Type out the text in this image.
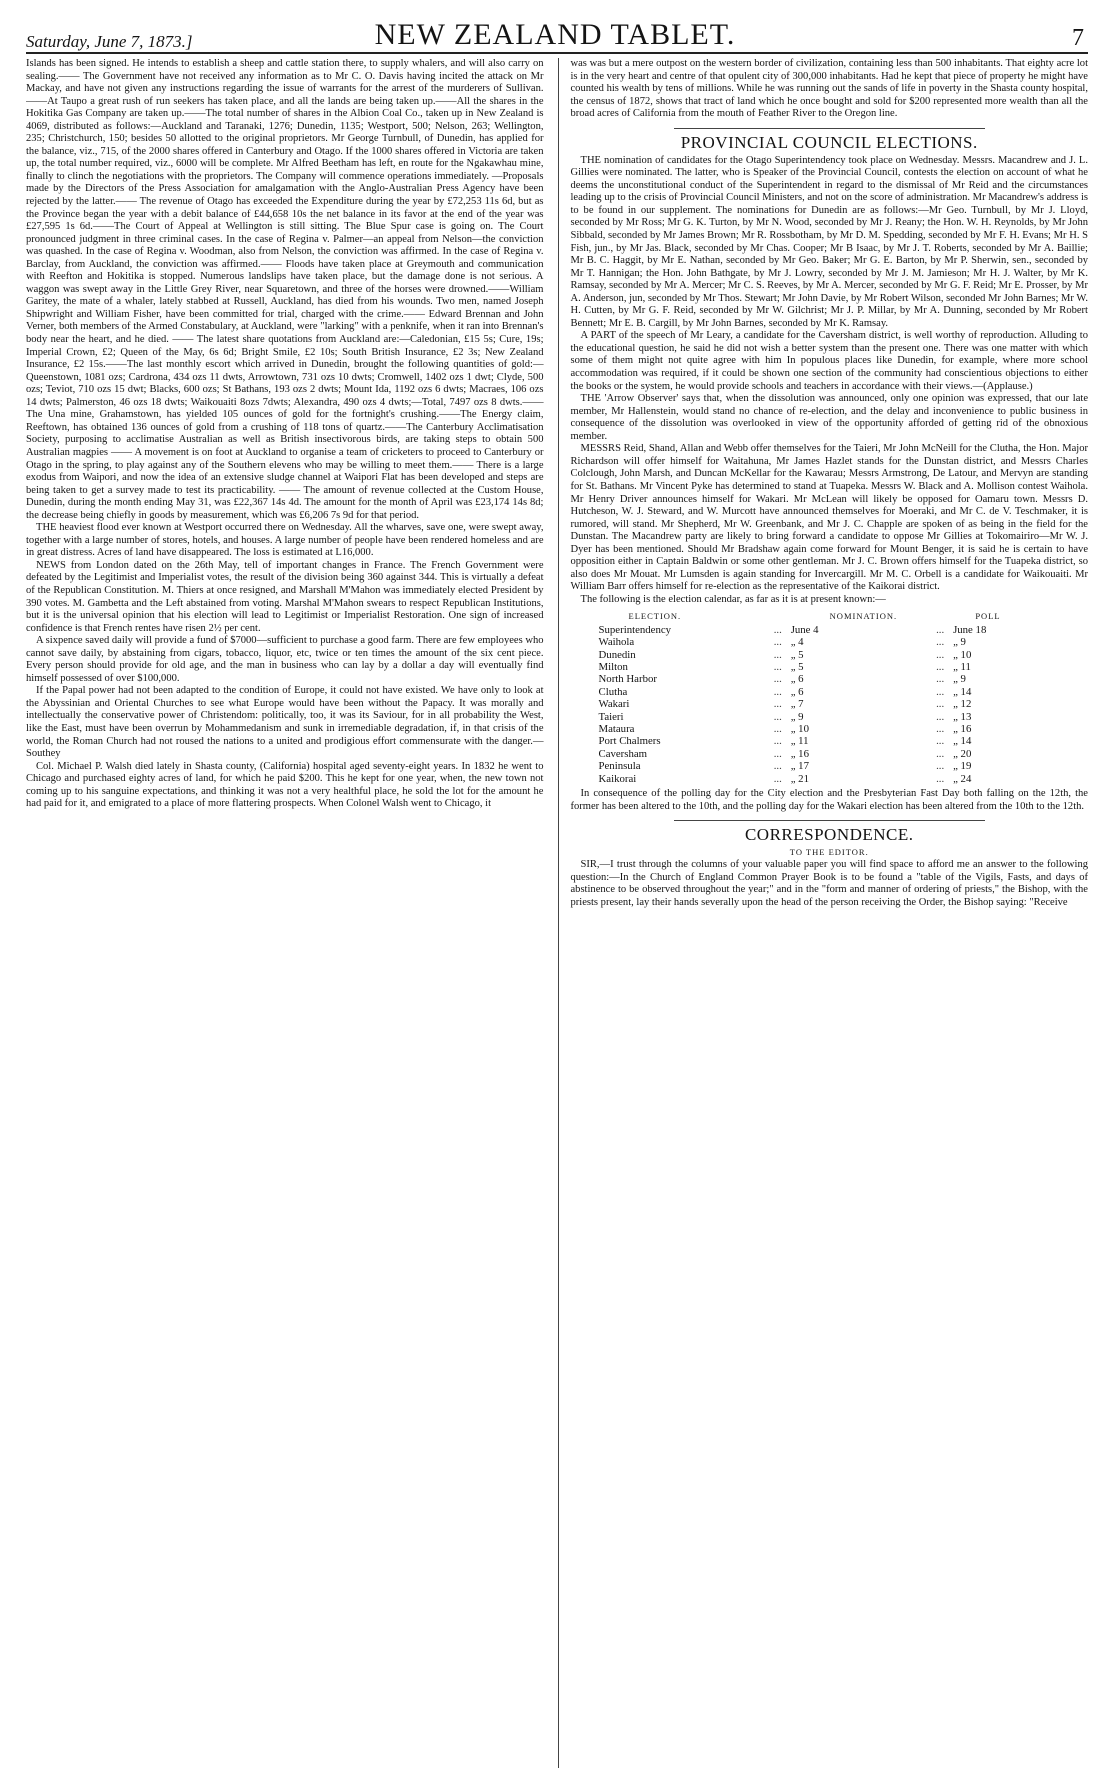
Saturday, June 7, 1873.]	NEW ZEALAND TABLET.	7

Islands has been signed. He intends to establish a sheep and cattle station there, to supply whalers, and will also carry on sealing.—— The Government have not received any information as to Mr C. O. Davis having incited the attack on Mr Mackay, and have not given any instructions regarding the issue of warrants for the arrest of the murderers of Sullivan.——At Taupo a great rush of run seekers has taken place, and all the lands are being taken up.——All the shares in the Hokitika Gas Company are taken up.——The total number of shares in the Albion Coal Co., taken up in New Zealand is 4069, distributed as follows:—Auckland and Taranaki, 1276; Dunedin, 1135; Westport, 500; Nelson, 263; Wellington, 235; Christchurch, 150; besides 50 allotted to the original proprietors. Mr George Turnbull, of Dunedin, has applied for the balance, viz., 715, of the 2000 shares offered in Canterbury and Otago. If the 1000 shares offered in Victoria are taken up, the total number required, viz., 6000 will be complete. Mr Alfred Beetham has left, en route for the Ngakawhau mine, finally to clinch the negotiations with the proprietors. The Company will commence operations immediately. —Proposals made by the Directors of the Press Association for amalgamation with the Anglo-Australian Press Agency have been rejected by the latter.—— The revenue of Otago has exceeded the Expenditure during the year by £72,253 11s 6d, but as the Province began the year with a debit balance of £44,658 10s the net balance in its favor at the end of the year was £27,595 1s 6d.——The Court of Appeal at Wellington is still sitting. The Blue Spur case is going on. The Court pronounced judgment in three criminal cases. In the case of Regina v. Palmer—an appeal from Nelson—the conviction was quashed. In the case of Regina v. Woodman, also from Nelson, the conviction was affirmed. In the case of Regina v. Barclay, from Auckland, the conviction was affirmed.—— Floods have taken place at Greymouth and communication with Reefton and Hokitika is stopped. Numerous landslips have taken place, but the damage done is not serious. A waggon was swept away in the Little Grey River, near Squaretown, and three of the horses were drowned.——William Garitey, the mate of a whaler, lately stabbed at Russell, Auckland, has died from his wounds. Two men, named Joseph Shipwright and William Fisher, have been committed for trial, charged with the crime.—— Edward Brennan and John Verner, both members of the Armed Constabulary, at Auckland, were "larking" with a penknife, when it ran into Brennan's body near the heart, and he died. —— The latest share quotations from Auckland are:—Caledonian, £15 5s; Cure, 19s; Imperial Crown, £2; Queen of the May, 6s 6d; Bright Smile, £2 10s; South British Insurance, £2 3s; New Zealand Insurance, £2 15s.——The last monthly escort which arrived in Dunedin, brought the following quantities of gold:—Queenstown, 1081 ozs; Cardrona, 434 ozs 11 dwts, Arrowtown, 731 ozs 10 dwts; Cromwell, 1402 ozs 1 dwt; Clyde, 500 ozs; Teviot, 710 ozs 15 dwt; Blacks, 600 ozs; St Bathans, 193 ozs 2 dwts; Mount Ida, 1192 ozs 6 dwts; Macraes, 106 ozs 14 dwts; Palmerston, 46 ozs 18 dwts; Waikouaiti 8ozs 7dwts; Alexandra, 490 ozs 4 dwts;—Total, 7497 ozs 8 dwts.——The Una mine, Grahamstown, has yielded 105 ounces of gold for the fortnight's crushing.——The Energy claim, Reeftown, has obtained 136 ounces of gold from a crushing of 118 tons of quartz.——The Canterbury Acclimatisation Society, purposing to acclimatise Australian as well as British insectivorous birds, are taking steps to obtain 500 Australian magpies —— A movement is on foot at Auckland to organise a team of cricketers to proceed to Canterbury or Otago in the spring, to play against any of the Southern elevens who may be willing to meet them.—— There is a large exodus from Waipori, and now the idea of an extensive sludge channel at Waipori Flat has been developed and steps are being taken to get a survey made to test its practicability. —— The amount of revenue collected at the Custom House, Dunedin, during the month ending May 31, was £22,367 14s 4d. The amount for the month of April was £23,174 14s 8d; the decrease being chiefly in goods by measurement, which was £6,206 7s 9d for that period.

THE heaviest flood ever known at Westport occurred there on Wednesday. All the wharves, save one, were swept away, together with a large number of stores, hotels, and houses. A large number of people have been rendered homeless and are in great distress. Acres of land have disappeared. The loss is estimated at L16,000.

NEWS from London dated on the 26th May, tell of important changes in France. The French Government were defeated by the Legitimist and Imperialist votes, the result of the division being 360 against 344. This is virtually a defeat of the Republican Constitution. M. Thiers at once resigned, and Marshall M'Mahon was immediately elected President by 390 votes. M. Gambetta and the Left abstained from voting. Marshal M'Mahon swears to respect Republican Institutions, but it is the universal opinion that his election will lead to Legitimist or Imperialist Restoration. One sign of increased confidence is that French rentes have risen 2½ per cent.

A sixpence saved daily will provide a fund of $7000—sufficient to purchase a good farm. There are few employees who cannot save daily, by abstaining from cigars, tobacco, liquor, etc, twice or ten times the amount of the six cent piece. Every person should provide for old age, and the man in business who can lay by a dollar a day will eventually find himself possessed of over $100,000.

If the Papal power had not been adapted to the condition of Europe, it could not have existed. We have only to look at the Abyssinian and Oriental Churches to see what Europe would have been without the Papacy. It was morally and intellectually the conservative power of Christendom: politically, too, it was its Saviour, for in all probability the West, like the East, must have been overrun by Mohammedanism and sunk in irremediable degradation, if, in that crisis of the world, the Roman Church had not roused the nations to a united and prodigious effort commensurate with the danger.—Southey

Col. Michael P. Walsh died lately in Shasta county, (California) hospital aged seventy-eight years. In 1832 he went to Chicago and purchased eighty acres of land, for which he paid $200. This he kept for one year, when, the new town not coming up to his sanguine expectations, and thinking it was not a very healthful place, he sold the lot for the amount he had paid for it, and emigrated to a place of more flattering prospects. When Colonel Walsh went to Chicago, it

was was but a mere outpost on the western border of civilization, containing less than 500 inhabitants. That eighty acre lot is in the very heart and centre of that opulent city of 300,000 inhabitants. Had he kept that piece of property he might have counted his wealth by tens of millions. While he was running out the sands of life in poverty in the Shasta county hospital, the census of 1872, shows that tract of land which he once bought and sold for $200 represented more wealth than all the broad acres of California from the mouth of Feather River to the Oregon line.

PROVINCIAL COUNCIL ELECTIONS.

THE nomination of candidates for the Otago Superintendency took place on Wednesday. Messrs. Macandrew and J. L. Gillies were nominated. The latter, who is Speaker of the Provincial Council, contests the election on account of what he deems the unconstitutional conduct of the Superintendent in regard to the dismissal of Mr Reid and the circumstances leading up to the crisis of Provincial Council Ministers, and not on the score of administration. Mr Macandrew's address is to be found in our supplement. The nominations for Dunedin are as follows:—Mr Geo. Turnbull, by Mr J. Lloyd, seconded by Mr Ross; Mr G. K. Turton, by Mr N. Wood, seconded by Mr J. Reany; the Hon. W. H. Reynolds, by Mr John Sibbald, seconded by Mr James Brown; Mr R. Rossbotham, by Mr D. M. Spedding, seconded by Mr F. H. Evans; Mr H. S Fish, jun., by Mr Jas. Black, seconded by Mr Chas. Cooper; Mr B Isaac, by Mr J. T. Roberts, seconded by Mr A. Baillie; Mr B. C. Haggit, by Mr E. Nathan, seconded by Mr Geo. Baker; Mr G. E. Barton, by Mr P. Sherwin, sen., seconded by Mr T. Hannigan; the Hon. John Bathgate, by Mr J. Lowry, seconded by Mr J. M. Jamieson; Mr H. J. Walter, by Mr K. Ramsay, seconded by Mr A. Mercer; Mr C. S. Reeves, by Mr A. Mercer, seconded by Mr G. F. Reid; Mr E. Prosser, by Mr A. Anderson, jun, seconded by Mr Thos. Stewart; Mr John Davie, by Mr Robert Wilson, seconded Mr John Barnes; Mr W. H. Cutten, by Mr G. F. Reid, seconded by Mr W. Gilchrist; Mr J. P. Millar, by Mr A. Dunning, seconded by Mr Robert Bennett; Mr E. B. Cargill, by Mr John Barnes, seconded by Mr K. Ramsay.

A PART of the speech of Mr Leary, a candidate for the Caversham district, is well worthy of reproduction. Alluding to the educational question, he said he did not wish a better system than the present one. There was one matter with which some of them might not quite agree with him In populous places like Dunedin, for example, where more school accommodation was required, if it could be shown one section of the community had conscientious objections to either the books or the system, he would provide schools and teachers in accordance with their views.—(Applause.)

THE 'Arrow Observer' says that, when the dissolution was announced, only one opinion was expressed, that our late member, Mr Hallenstein, would stand no chance of re-election, and the delay and inconvenience to public business in consequence of the dissolution was overlooked in view of the opportunity afforded of getting rid of the obnoxious member.

MESSRS Reid, Shand, Allan and Webb offer themselves for the Taieri, Mr John McNeill for the Clutha, the Hon. Major Richardson will offer himself for Waitahuna, Mr James Hazlet stands for the Dunstan district, and Messrs Charles Colclough, John Marsh, and Duncan McKellar for the Kawarau; Messrs Armstrong, De Latour, and Mervyn are standing for St. Bathans. Mr Vincent Pyke has determined to stand at Tuapeka. Messrs W. Black and A. Mollison contest Waihola. Mr Henry Driver announces himself for Wakari. Mr McLean will likely be opposed for Oamaru town. Messrs D. Hutcheson, W. J. Steward, and W. Murcott have announced themselves for Moeraki, and Mr C. de V. Teschmaker, it is rumored, will stand. Mr Shepherd, Mr W. Greenbank, and Mr J. C. Chapple are spoken of as being in the field for the Dunstan. The Macandrew party are likely to bring forward a candidate to oppose Mr Gillies at Tokomairiro—Mr W. J. Dyer has been mentioned. Should Mr Bradshaw again come forward for Mount Benger, it is said he is certain to have opposition either in Captain Baldwin or some other gentleman. Mr J. C. Brown offers himself for the Tuapeka district, so also does Mr Mouat. Mr Lumsden is again standing for Invercargill. Mr M. C. Orbell is a candidate for Waikouaiti. Mr William Barr offers himself for re-election as the representative of the Kaikorai district.

The following is the election calendar, as far as it is at present known:—

ELECTION.		NOMINATION.		POLL
Superintendency	...	June 4	...	June 18
Waihola	...	„ 4	...	„ 9
Dunedin	...	„ 5	...	„ 10
Milton	...	„ 5	...	„ 11
North Harbor	...	„ 6	...	„ 9
Clutha	...	„ 6	...	„ 14
Wakari	...	„ 7	...	„ 12
Taieri	...	„ 9	...	„ 13
Mataura	...	„ 10	...	„ 16
Port Chalmers	...	„ 11	...	„ 14
Caversham	...	„ 16	...	„ 20
Peninsula	...	„ 17	...	„ 19
Kaikorai	...	„ 21	...	„ 24

In consequence of the polling day for the City election and the Presbyterian Fast Day both falling on the 12th, the former has been altered to the 10th, and the polling day for the Wakari election has been altered from the 10th to the 12th.

CORRESPONDENCE.
TO THE EDITOR.

SIR,—I trust through the columns of your valuable paper you will find space to afford me an answer to the following question:—In the Church of England Common Prayer Book is to be found a "table of the Vigils, Fasts, and days of abstinence to be observed throughout the year;" and in the "form and manner of ordering of priests," the Bishop, with the priests present, lay their hands severally upon the head of the person receiving the Order, the Bishop saying: "Receive
